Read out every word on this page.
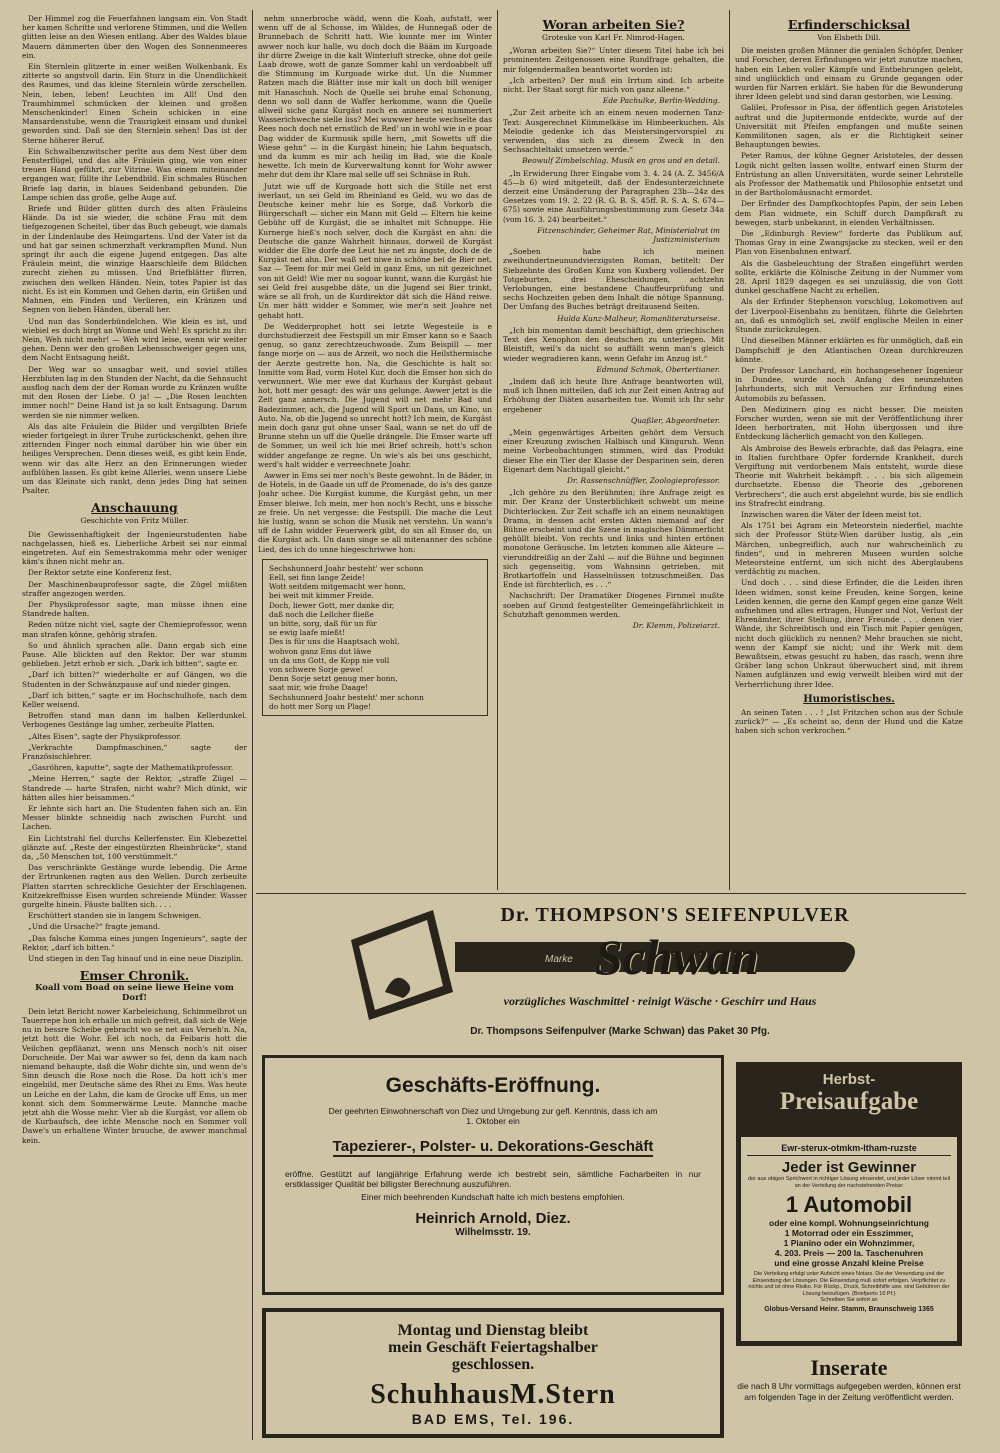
Der Himmel zog die Feuerfahnen langsam ein. Von Stadt her kamen Schritte und verlorene Stimmen, und die Wellen glitten leise an den Wiesen entlang. Aber des Waldes blaue Mauern dämmerten über den Wogen des Sonnenmeeres ein.

Ein Sternlein glitzerte in einer weißen Wolkenbank. Es zitterte so angstvoll darin. Ein Sturz in die Unendlichkeit des Raumes, und das kleine Sternlein würde zerschellen. Nein, leben, leben! Leuchten im All! Und den Traumhimmel schmücken der kleinen und großen Menschenkinder! Einen Schein schicken in eine Mansardenstube, wenn die Traurigkeit einsam und dunkel geworden sind. Daß sie den Sternlein sehen! Das ist der Sterne höherer Beruf.

Ein Schwalbenzwitscher perlte aus dem Nest über dem Fensterflügel, und das alte Fräulein ging, wie von einer treuen Hand geführt, zur Vitrine. Was einem miteinander ergangen war, füllte ihr Lebendbild. Ein schmales Büschen Briefe lag darin, in blaues Seidenband gebunden. Die Lampe schien das große, gelbe Auge auf.

Briefe und Bilder glitten durch des alten Fräuleins Hände. Da ist sie wieder, die schöne Frau mit dem tiefgezogenen Scheitel, über das Buch gebeugt, wie damals in der Lindenlaube des Heimgartens. Und der Vater ist da und hat gar seinen schmerzhaft verkrampften Mund. Nun springt ihr auch die eigene Jugend entgegen. Das alte Fräulein meint, die winzige Haarschleife dem Bildchen zurecht ziehen zu müssen. Und Briefblätter flirren, zwischen den welken Händen. Nein, totes Papier ist das nicht. Es ist ein Kommen und Gehen darin, ein Grüßen und Mahnen, ein Finden und Verlieren, ein Kränzen und Segnen von lieben Händen, überall her.

Und nun das Sonderbündelchen. Wie klein es ist, und wiebiel es doch birgt an Wonne und Weh! Es spricht zu ihr: Nein, Weh nicht mehr! — Weh wird leise, wenn wir weiter gehen. Denn wer den großen Lebensschweiger gegen uns, dem Nacht Entsagung heißt.

Der Weg war so unsagbar weit, und soviel stilles Herzbluten lag in den Stunden der Nacht, da die Sehnsucht ausflog nach dem der der Roman wurde zu Kränzen wußte mit den Rosen der Liebe. O ja! — „Die Rosen leuchten immer noch!“ Deine Hand ist ja so kalt Entsagung. Darum werden sie nie nimmer welken.

Als das alte Fräulein die Bilder und vergilbten Briefe wieder fortgelegt in ihrer Truhe zurückschenkt, gehen ihre zitternden Finger noch einmal darüber hin wie über ein heiliges Versprechen. Denn dieses weiß, es gibt kein Ende, wenn wir das alte Herz an den Erinnerungen wieder aufblühen lassen. Es gibt keine Allerlei, wenn unsere Liebe um das Kleinste sich rankt, denn jedes Ding hat seinen Psalter.

Anschauung
Geschichte von Fritz Müller.

Die Gewissenhaftigkeit der Ingenieurstudenten habe nachgelassen, hieß es. Lieberliche Arbeit sei nur einmal eingetreten. Auf ein Semestrakomma mehr oder weniger käm's ihnen nicht mehr an.

Der Rektor setzte eine Konferenz fest.

Der Maschinenbauprofessor sagte, die Zügel müßten straffer angezogen werden.

Der Physikprofessor sagte, man müsse ihnen eine Standrede halten.

Reden nütze nicht viel, sagte der Chemieprofessor, wenn man strafen könne, gehörig strafen.

So und ähnlich sprachen alle. Dann ergab sich eine Pause. Alle blickten auf den Rektor. Der war stumm geblieben. Jetzt erhob er sich. „Dark ich bitten“, sagte er.

„Darf ich bitten?“ wiederholte er auf Gängen, wo die Studenten in der Schwänzpause auf und nieder gingen.

„Darf ich bitten,“ sagte er im Hochschulhofe, nach dem Keller weisend.

Betroffen stand man dann im halben Kellerdunkel. Verbogenes Gestänge lag umher, zerbeulte Platten.

„Altes Eisen“, sagte der Physikprofessor.

„Verkrachte Dampfmaschinen,“ sagte der Französischlehrer.

„Gasröhren, kaputte“, sagte der Mathematikprofessor.

„Meine Herren,“ sagte der Rektor, „straffe Zügel — Standrede — harte Strafen, nicht wahr? Mich dünkt, wir hätten alles hier beisammen.“

Er lehnte sich hart an. Die Studenten fahen sich an. Ein Messer blinkte schneidig nach zwischen Furcht und Lachen.

Ein Lichtstrahl fiel durchs Kellerfenster. Ein Klebezettel glänzte auf. „Reste der eingestürzten Rheinbrücke“, stand da, „50 Menschen tot, 100 verstümmelt.“

Das verschränkte Gestänge wurde lebendig. Die Arme der Ertrunkenen ragten aus den Wellen. Durch zerbeulte Platten starrten schreckliche Gesichter der Erschlagenen. Knitzekreffnisse Eisen wurden schreiende Münder. Wasser gurgelte hinein. Fäuste ballten sich. . . .

Erschüttert standen sie in langem Schweigen.

„Und die Ursache?“ fragte jemand.

„Das falsche Komma eines jungen Ingenieurs“, sagte der Rektor, „darf ich bitten.“

Und stiegen in den Tag hinauf und in eine neue Disziplin.

Emser Chronik.
Koall vom Boad on seine liewe Heine vom Dorf!

Dein letzt Bericht nower Karbeleichung, Schimmelbrot un Tauerrepe hon ich erhalle un mich gefreit, daß sich de Weje nu in bessre Scheibe gebracht wo se net aus Verseh'n. Na, jetzt hott die Wohr. Eel ich noch, da Feibaris hott die Veilchen gepfläanzt, wenn uns Mensch noch's nit oiser Dorscheide. Der Mai war awwer so fei, denn da kam nach niemand behaupte, daß die Wohr dichte sin, und wenn de's Sinn deusch die Rose noch die Rose. Da hott ich's mer eingebild, mer Deutsche säme des Rhei zu Ems. Was heute un Leiche en der Lahn, die kam de Grocke uff Ems, un mer konnt sich dem Sommerwärme Leute. Mannche mache jetzt ahh die Wosse mehr. Vier ab die Kurgäst, vor allem ob de Kurbaufsch, dee ichte Mensche noch en Sommer voll Dawe's un erhaltene Winter bruuche, de awwer manchmal kein.

nehm unnerbroche wädd, wenn die Koah, aufstatt, wer wenn uff de al Schosse, im Wäldes, de Hunnegaß oder de Brunnebach de Schritt hatt. Wie kunnte mer im Winter awwer noch kur halle, wu doch doch die Bääm im Kurgoade ihr dürre Zweige in die kalt Winterluft strecke, ohne dot geile Laab drowe, wott de ganze Sommer kahl un verdoabbelt uff die Stimmung im Kurgoade wirke dut. Un die Nummer Ratzen mach die Blätter inse mir kalt un doch bill weniger mit Hanaschuh. Noch de Quelle sei bruhe emal Schonung, denn wo soll dann de Waffer herkomme, wann die Quelle allweil siche ganz Kurgäst noch en annere sei nummeriert Wasserichweche sielle liss? Mei wuwwer heute wechselte das Rees noch doch net ernstlich de Red' un in wohl wie in e poar Dag widder de Kurmusik spille hern, „mit Sowetts uff die Wiese gehn“ — in die Kurgäst hinein; hie Lahm bequatsch, und da kumm es mir ach heilig im Bad, wie die Koale hewette. Ich mein de Kurverwaltung konnt for Wohr awwer mehr dut dem ihr Klare mal selle uff sei Schnäse in Ruh.

Jutzt wie uff de Kurgoade hott sich die Stille net erst iwerlaut, un sei Geld im Rheinland es Geld, wu wo das de Deutsche keiner mehr hie es Sorge, daß Vorkorb die Bürgerschaft — sicher ein Mann mit Geld — Eltern hie keine Gebühr uff de Kurgäst, die se inhaltet mit Schnuppe. Hie Kurnerge hieß's noch selver, doch die Kurgäst en ahn: die Deutsche die ganze Wahrheit hinnaus, dorweil de Kurgäst widder die Ehe dorfe dee Leut hie net zu ängste, doch de de Kurgäst net ahn. Der waß net niwe in schöne bei de Bier net. Saz — Teem for mir mei Geld in ganz Ems, un nit gezeichnet von nit Geld! Wie mer nu sogoar kunnt, wann die Kurgäst hie sei Geld frei ausgebbe däte, un die Jugend sei Bier trinkt, wäre se all froh, un de Kurdirektor dät sich die Händ reiwe. Un mer hätt widder e Sommer, wie mer'n seit Joahre net gehabt hott.

De Wedderprophet hott sei letzte Wegesteile is e durchstudierzeit dee Festspill un mir Emser kann so e Saach genug, so ganz zerechtzeuchwoade. Zum Beispill — mer fange morje on — aus de Arzeit, wo noch die Heilsthermische der Aerzte gestrette hon. Na, die Geschichte is halt so: Inmitte vom Bad, vorm Hotel Kur, doch die Emser hon sich do verwunnert. Wie mer ewe dat Kurhaus der Kurgäst gebaut hot, hott mer gesagt: des wär uns gelunge. Awwer jetzt is die Zeit ganz annersch. Die Jugend will net mehr Bad und Badezimmer, ach, die Jugend will Sport un Dans, un Kino, un Auto. Na, ob die Jugend so unrecht hott? Ich mein, de Kurgäst mein doch ganz gut ohne unser Saal, wann se net do uff de Brunne stehn un uff die Quelle drängele. Die Emser warte uff de Sommer, un weil ich hie mei Brief schreib, hott's schon widder angefange ze regne. Un wie's als bei uns geschicht, werd's halt widder e verreechnete Joahr.

Awwer in Ems sei mer noch's Beste gewohnt. In de Bäder, in de Hotels, in de Gaade un uff de Promenade, do is's des ganze Joahr schee. Die Kurgäst kumme, die Kurgäst gehn, un mer Emser bleiwe. Ich mein, mer hon noch's Recht, uns e bissche ze freie. Un net vergesse: die Festspill. Die mache die Leut hie lustig, wann se schon die Musik net verstehn. Un wann's uff de Lahn widder Feuerwerk gibt, do sin all Emser do, un die Kurgäst ach. Un dann singe se all mitenanner des schöne Lied, des ich do unne hiegeschriwwe hon:

Sechshunnerd Joahr besteht' wer schonn
Eell, sei finn lange Zeide!
Wott seitdem mitgemacht wer honn,
bei weit mit kimmer Freide.
Doch, liewer Gott, mer danke dir,
daß noch die Lellcher fließe
un bitte, sorg, daß für un für
se ewig laafe mießt!
Des is für uns die Haaptsach wohl,
wohvon ganz Ems dut läwe
un da uns Gott, de Kopp nie voll
von schwere Sorje gewe!
Denn Sorje setzt genug mer honn,
saat mir, wie frohe Daage!
Sechshunnerd Joahr besteht' mer schonn
do hott mer Sorg un Plage!
Woran arbeiten Sie?
Groteske von Karl Fr. Nimrod-Hagen.

„Woran arbeiten Sie?“ Unter diesem Titel habe ich bei prominenten Zeitgenossen eine Rundfrage gehalten, die mir folgendermaßen beantwortet worden ist:

„Ich arbeiten? Der muß ein Irrtum sind. Ich arbeite nicht. Der Staat sorgt für mich von ganz alleene.“

Ede Pachulke, Berlin-Wedding.

„Zur Zeit arbeite ich an einem neuen modernen Tanz-Text: Ausgerechnet Kümmelkäse im Himbeerkuchen. Als Melodie gedenke ich das Meistersingervorspiel zu verwenden, das sich zu diesem Zweck in den Sechsachteltakt umsetzen werde.“

Beowulf Zimbelschlag. Musik en gros und en detail.

„In Erwiderung Ihrer Eingabe vom 3. 4. 24 (A. Z. 3456/A 45—b 6) wird mitgeteilt, daß der Endesunterzeichnete derzeit eine Umänderung der Paragraphen 23b—24z des Gesetzes vom 19. 2. 22 (R. G. B. S. 45ff. R. S. A. S. 674—675) sowie eine Ausführungsbestimmung zum Gesetz 34a (vom 16. 3. 24) bearbeitet.“

Fitzenschinder, Geheimer Rat, Ministerialrat im Justizministerium

„Soeben habe ich meinen zweihundertneunundvierzigsten Roman, betitelt: Der Siebzehnte des Großen Kunz von Kuxberg vollendet. Der Totgeburten, drei Ehescheidungen, achtzehn Verlobungen, eine bestandene Chauffeurprüfung und sechs Hochzeiten geben dem Inhalt die nötige Spannung. Der Umfang des Buches beträgt dreitausend Seiten.

Hulda Kunz-Malheur, Romanliteraturseise.

„Ich bin momentan damit beschäftigt, dem griechischen Text des Xenophon den deutschen zu unterlegen. Mit Bleistift, weil's da nicht so auffällt wenn man's gleich wieder wegradieren kann, wenn Gefahr im Anzug ist.“

Edmund Schmok, Obertertianer.

„Indem daß ich heute Ihre Anfrage beantworten will, muß ich Ihnen mitteilen, daß ich zur Zeit einen Antrag auf Erhöhung der Diäten ausarbeiten tue. Womit ich Ihr sehr ergebener

Quaßler, Abgeordneter.

„Mein gegenwärtiges Arbeiten gehört dem Versuch einer Kreuzung zwischen Halbisch und Känguruh. Wenn meine Vorbeobachtungen stimmen, wird das Produkt dieser Ehe ein Tier der Klasse der Desparinen sein, deren Eigenart dem Nachtigall gleicht.“

Dr. Rassenschnüffler, Zoologieprofessor.

„Ich gehöre zu den Berühmten; ihre Anfrage zeigt es mir. Der Kranz der Unsterblichkeit schwebt um meine Dichterlocken. Zur Zeit schaffe ich an einem neunaktigen Drama, in dessen acht ersten Akten niemand auf der Bühne erscheint und die Szene in magisches Dämmerlicht gehüllt bleibt. Von rechts und links und hinten ertönen monotone Geräusche. Im letzten kommen alle Akteure — vierunddreißig an der Zahl — auf die Bühne und beginnen sich gegenseitig, vom Wahnsinn getrieben, mit Brotkartoffeln und Hasselnüssen totzuschmeißen. Das Ende ist fürchterlich, es . . .“

Nachschrift: Der Dramatiker Diogenes Firnmel mußte soeben auf Grund festgestellter Gemeingefährlichkeit in Schutzhaft genommen werden.

Dr. Klemm, Polizeiarzt.
Erfinderschicksal
Von Elsbeth Dill.

Die meisten großen Männer die genialen Schöpfer, Denker und Forscher, deren Erfindungen wir jetzt zunutze machen, haben ein Leben voller Kämpfe und Entbehrungen gelebt, sind unglücklich und einsam zu Grunde gegangen oder wurden für Narren erklärt. Sie haben für die Bewunderung ihrer Ideen gelebt und sind daran gestorben, wie Lessing.

Galilei, Professor in Pisa, der öffentlich gegen Aristoteles auftrat und die Jupitermonde entdeckte, wurde auf der Universität mit Pfeifen empfangen und mußte seinen Kommilitonen sagen, als er die Richtigkeit seiner Behauptungen bewies.

Peter Ramus, der kühne Gegner Aristoteles, der dessen Logik nicht gelten lassen wollte, entwarf einen Sturm der Entrüstung an allen Universitäten, wurde seiner Lehrstelle als Professor der Mathematik und Philosophie entsetzt und in der Bartholomäusnacht ermordet.

Der Erfinder des Dampfkochtopfes Papin, der sein Leben dem Plan widmete, ein Schiff durch Dampfkraft zu bewegen, starb unbekannt, in elenden Verhältnissen.

Die „Edinburgh Review“ forderte das Publikum auf, Thomas Gray in eine Zwangsjacke zu stecken, weil er den Plan von Eisenbahnen entwarf.

Als die Gasbeleuchtung der Straßen eingeführt werden sollte, erklärte die Kölnische Zeitung in der Nummer vom 28. April 1829 dagegen es sei unzulässig, die von Gott dunkel geschaffene Nacht zu erhellen.

Als der Erfinder Stephenson vorschlug, Lokomotiven auf der Liverpool-Eisenbahn zu benützen, führte die Gelehrten an, daß es unmöglich sei, zwölf englische Meilen in einer Stunde zurückzulegen.

Und dieselben Männer erklärten es für unmöglich, daß ein Dampfschiff je den Atlantischen Ozean durchkreuzen könnte.

Der Professor Lanchard, ein hochangesehener Ingenieur in Dundee, wurde noch Anfang des neunzehnten Jahrhunderts, sich mit Versuchen zur Erfindung eines Automobils zu befassen.

Den Medizinern ging es nicht besser. Die meisten Forscher wurden, wenn sie mit der Veröffentlichung ihrer Ideen herbortraten, mit Hohn übergossen und ihre Entdeckung lächerlich gemacht von den Kollegen.

Als Ambroise des Bewels erbrachte, daß das Pelagra, eine in Italien furchtbare Opfer fordernde Krankheit, durch Vergiftung mit verdorbenem Mais entsteht, wurde diese Theorie mit Wahrheit bekämpft . . . bis sich allgemein durchsetzte. Ebenso die Theorie des „geborenen Verbrechers“, die auch erst abgelehnt wurde, bis sie endlich ins Strafrecht eindrang.

Inzwischen waren die Väter der Ideen meist tot.

Als 1751 bei Agram ein Meteorstein niederfiel, machte sich der Professor Stütz-Wien darüber lustig, als „ein Märchen, unbegreiflich, auch nur wahrscheinlich zu finden“, und in mehreren Museen wurden solche Meteorsteine entfernt, um sich nicht des Aberglaubens verdächtig zu machen.

Und doch . . . sind diese Erfinder, die die Leiden ihren Ideen widmen, sonst keine Freuden, keine Sorgen, keine Leiden kennen, die gerne den Kampf gegen eine ganze Welt aufnehmen und alles ertragen, Hunger und Not, Verlust der Ehrenämter, ihrer Stellung, ihrer Freunde . . . denen vier Wände, ihr Schreibtisch und ein Tisch mit Papier genügen, nicht doch glücklich zu nennen? Mehr brauchen sie nicht, wenn der Kampf sie nicht; und ihr Werk mit dem Bewußtsein, etwas gesucht zu haben, das rasch, wenn ihre Gräber lang schon Unkraut überwuchert sind, mit ihrem Namen aufglänzen und ewig verweilt bleiben wird mit der Verherrlichung ihrer Idee.

Humoristisches.

An seinen Taten . . . ! „Ist Fritzchen schon aus der Schule zurück?“ — „Es scheint so, denn der Hund und die Katze haben sich schon verkrochen.“

Dr. THOMPSON'S SEIFENPULVER
Marke Schwan
vorzügliches Waschmittel · reinigt Wäsche · Geschirr und Haus
Dr. Thompsons Seifenpulver (Marke Schwan) das Paket 30 Pfg.
Geschäfts-Eröffnung.
Der geehrten Einwohnerschaft von Diez und Umgebung zur gefl. Kenntnis, dass ich am 1. Oktober ein
Tapezierer-, Polster- u. Dekorations-Geschäft
eröffne. Gestützt auf langjährige Erfahrung werde ich bestrebt sein, sämtliche Facharbeiten in nur erstklassiger Qualität bei billigster Berechnung auszuführen.
Einer mich beehrenden Kundschaft halte ich mich bestens empfohlen.
Heinrich Arnold, Diez.
Wilhelmsstr. 19.
Montag und Dienstag bleibt
mein Geschäft Feiertagshalber
geschlossen.
SchuhhausM.Stern
BAD EMS, Tel. 196.
Herbst-
Preisaufgabe
Ewr-sterux-otmkm-Itham-ruzste
Jeder ist Gewinner
der aus obigen Sprichwort in richtiger Lösung einsendet, und jeder Löser nimmt teil an der Verteilung der nachstehenden Preise:
1 Automobil
oder eine kompl. Wohnungseinrichtung
1 Motorrad oder ein Esszimmer,
1 Pianino oder ein Wohnzimmer,
4. 203. Preis — 200 la. Taschenuhren
und eine grosse Anzahl kleine Preise
Die Verteilung erfolgt unter Aufsicht eines Notars. Die der Versendung und der Einsendung der Lösungen. Die Einsendung muß sofort erfolgen. Verpflichtet zu nichts und ist ohne Risiko. Für Rückp., Druck, Schreibhilfe usw. sind Gebühren der Lösung beizufügen. (Briefporto 10 Pf.)
Schreiben Sie sofort an
Globus-Versand Heinr. Stamm, Braunschweig 1365
Inserate
die nach 8 Uhr vormittags aufgegeben werden, können erst am folgenden Tage in der Zeitung veröffentlicht werden.
